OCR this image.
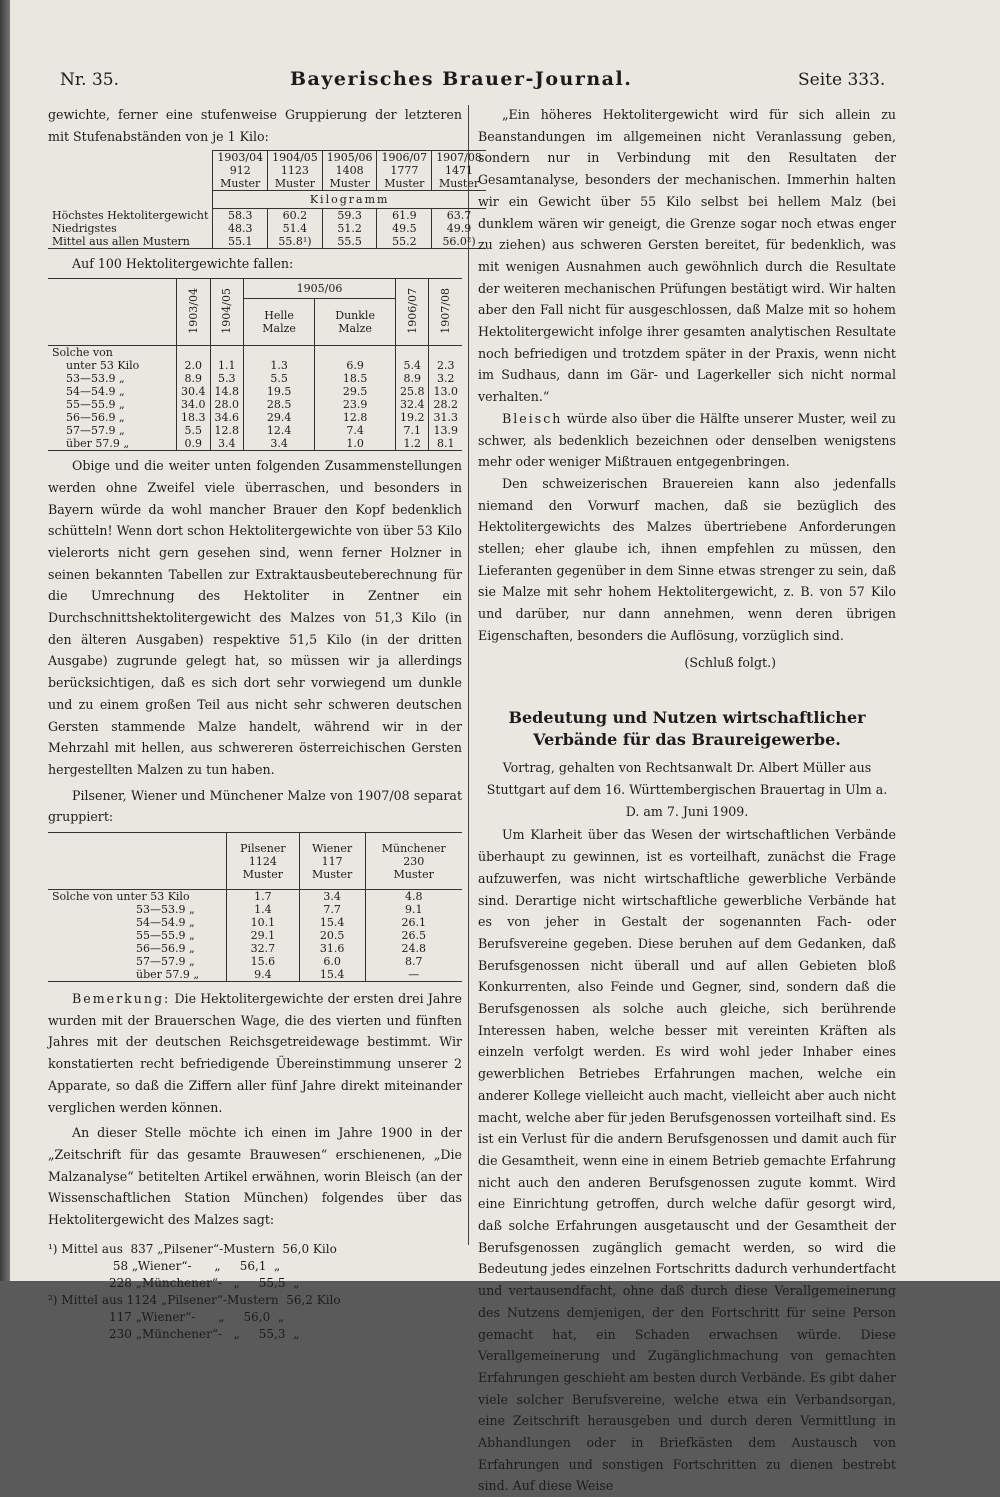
Nr. 35.	Bayerisches Brauer-Journal.	Seite 333.

gewichte, ferner eine stufenweise Gruppierung der letzteren mit Stufenabständen von je 1 Kilo:

	1903/04	1904/05	1905/06	1906/07	1907/08
	912	1123	1408	1777	1471
	Muster	Muster	Muster	Muster	Muster
	Kilogramm				
Höchstes Hektolitergewicht	58.3	60.2	59.3	61.9	63.7
Niedrigstes	48.3	51.4	51.2	49.5	49.9
Mittel aus allen Mustern	55.1	55.8¹)	55.5	55.2	56.0²)

Auf 100 Hektolitergewichte fallen:

	1903/04	1904/05	1905/06		1906/07	1907/08
			Helle Malze	Dunkle Malze		
Solche von						
unter 53 Kilo	2.0	1.1	1.3	6.9	5.4	2.3
53—53.9 „	8.9	5.3	5.5	18.5	8.9	3.2
54—54.9 „	30.4	14.8	19.5	29.5	25.8	13.0
55—55.9 „	34.0	28.0	28.5	23.9	32.4	28.2
56—56.9 „	18.3	34.6	29.4	12.8	19.2	31.3
57—57.9 „	5.5	12.8	12.4	7.4	7.1	13.9
über 57.9 „	0.9	3.4	3.4	1.0	1.2	8.1

Obige und die weiter unten folgenden Zusammenstellungen werden ohne Zweifel viele überraschen, und besonders in Bayern würde da wohl mancher Brauer den Kopf bedenklich schütteln! Wenn dort schon Hektolitergewichte von über 53 Kilo vielerorts nicht gern gesehen sind, wenn ferner Holzner in seinen bekannten Tabellen zur Extraktausbeuteberechnung für die Umrechnung des Hektoliter in Zentner ein Durchschnittshektolitergewicht des Malzes von 51,3 Kilo (in den älteren Ausgaben) respektive 51,5 Kilo (in der dritten Ausgabe) zugrunde gelegt hat, so müssen wir ja allerdings berücksichtigen, daß es sich dort sehr vorwiegend um dunkle und zu einem großen Teil aus nicht sehr schweren deutschen Gersten stammende Malze handelt, während wir in der Mehrzahl mit hellen, aus schwereren österreichischen Gersten hergestellten Malzen zu tun haben.

Pilsener, Wiener und Münchener Malze von 1907/08 separat gruppiert:

	Pilsener
1124
Muster	Wiener
117
Muster	Münchener
230
Muster
Solche von unter 53 Kilo	1.7	3.4	4.8
53—53.9 „	1.4	7.7	9.1
54—54.9 „	10.1	15.4	26.1
55—55.9 „	29.1	20.5	26.5
56—56.9 „	32.7	31.6	24.8
57—57.9 „	15.6	6.0	8.7
über 57.9 „	9.4	15.4	—

Bemerkung: Die Hektolitergewichte der ersten drei Jahre wurden mit der Brauerschen Wage, die des vierten und fünften Jahres mit der deutschen Reichsgetreidewage bestimmt. Wir konstatierten recht befriedigende Übereinstimmung unserer 2 Apparate, so daß die Ziffern aller fünf Jahre direkt miteinander verglichen werden können.

An dieser Stelle möchte ich einen im Jahre 1900 in der „Zeitschrift für das gesamte Brauwesen“ erschienenen, „Die Malzanalyse“ betitelten Artikel erwähnen, worin Bleisch (an der Wissenschaftlichen Station München) folgendes über das Hektolitergewicht des Malzes sagt:

¹) Mittel aus  837 „Pilsener“-Mustern  56,0 Kilo
58 „Wiener“-      „     56,1  „
228 „Münchener“-   „     55,5  „
²) Mittel aus 1124 „Pilsener“-Mustern  56,2 Kilo
117 „Wiener“-      „     56,0  „
230 „Münchener“-   „     55,3  „

„Ein höheres Hektolitergewicht wird für sich allein zu Beanstandungen im allgemeinen nicht Veranlassung geben, sondern nur in Verbindung mit den Resultaten der Gesamtanalyse, besonders der mechanischen. Immerhin halten wir ein Gewicht über 55 Kilo selbst bei hellem Malz (bei dunklem wären wir geneigt, die Grenze sogar noch etwas enger zu ziehen) aus schweren Gersten bereitet, für bedenklich, was mit wenigen Ausnahmen auch gewöhnlich durch die Resultate der weiteren mechanischen Prüfungen bestätigt wird. Wir halten aber den Fall nicht für ausgeschlossen, daß Malze mit so hohem Hektolitergewicht infolge ihrer gesamten analytischen Resultate noch befriedigen und trotzdem später in der Praxis, wenn nicht im Sudhaus, dann im Gär- und Lagerkeller sich nicht normal verhalten.“

Bleisch würde also über die Hälfte unserer Muster, weil zu schwer, als bedenklich bezeichnen oder denselben wenigstens mehr oder weniger Mißtrauen entgegenbringen.

Den schweizerischen Brauereien kann also jedenfalls niemand den Vorwurf machen, daß sie bezüglich des Hektolitergewichts des Malzes übertriebene Anforderungen stellen; eher glaube ich, ihnen empfehlen zu müssen, den Lieferanten gegenüber in dem Sinne etwas strenger zu sein, daß sie Malze mit sehr hohem Hektolitergewicht, z. B. von 57 Kilo und darüber, nur dann annehmen, wenn deren übrigen Eigenschaften, besonders die Auflösung, vorzüglich sind.

(Schluß folgt.)
Bedeutung und Nutzen wirtschaftlicher Verbände für das Braureigewerbe.
Vortrag, gehalten von Rechtsanwalt Dr. Albert Müller aus Stuttgart auf dem 16. Württembergischen Brauertag in Ulm a. D. am 7. Juni 1909.

Um Klarheit über das Wesen der wirtschaftlichen Verbände überhaupt zu gewinnen, ist es vorteilhaft, zunächst die Frage aufzuwerfen, was nicht wirtschaftliche gewerbliche Verbände sind. Derartige nicht wirtschaftliche gewerbliche Verbände hat es von jeher in Gestalt der sogenannten Fach- oder Berufsvereine gegeben. Diese beruhen auf dem Gedanken, daß Berufsgenossen nicht überall und auf allen Gebieten bloß Konkurrenten, also Feinde und Gegner, sind, sondern daß die Berufsgenossen als solche auch gleiche, sich berührende Interessen haben, welche besser mit vereinten Kräften als einzeln verfolgt werden. Es wird wohl jeder Inhaber eines gewerblichen Betriebes Erfahrungen machen, welche ein anderer Kollege vielleicht auch macht, vielleicht aber auch nicht macht, welche aber für jeden Berufsgenossen vorteilhaft sind. Es ist ein Verlust für die andern Berufsgenossen und damit auch für die Gesamtheit, wenn eine in einem Betrieb gemachte Erfahrung nicht auch den anderen Berufsgenossen zugute kommt. Wird eine Einrichtung getroffen, durch welche dafür gesorgt wird, daß solche Erfahrungen ausgetauscht und der Gesamtheit der Berufsgenossen zugänglich gemacht werden, so wird die Bedeutung jedes einzelnen Fortschritts dadurch verhundertfacht und vertausendfacht, ohne daß durch diese Verallgemeinerung des Nutzens demjenigen, der den Fortschritt für seine Person gemacht hat, ein Schaden erwachsen würde. Diese Verallgemeinerung und Zugänglichmachung von gemachten Erfahrungen geschieht am besten durch Verbände. Es gibt daher viele solcher Berufsvereine, welche etwa ein Verbandsorgan, eine Zeitschrift herausgeben und durch deren Vermittlung in Abhandlungen oder in Briefkästen dem Austausch von Erfahrungen und sonstigen Fortschritten zu dienen bestrebt sind. Auf diese Weise
